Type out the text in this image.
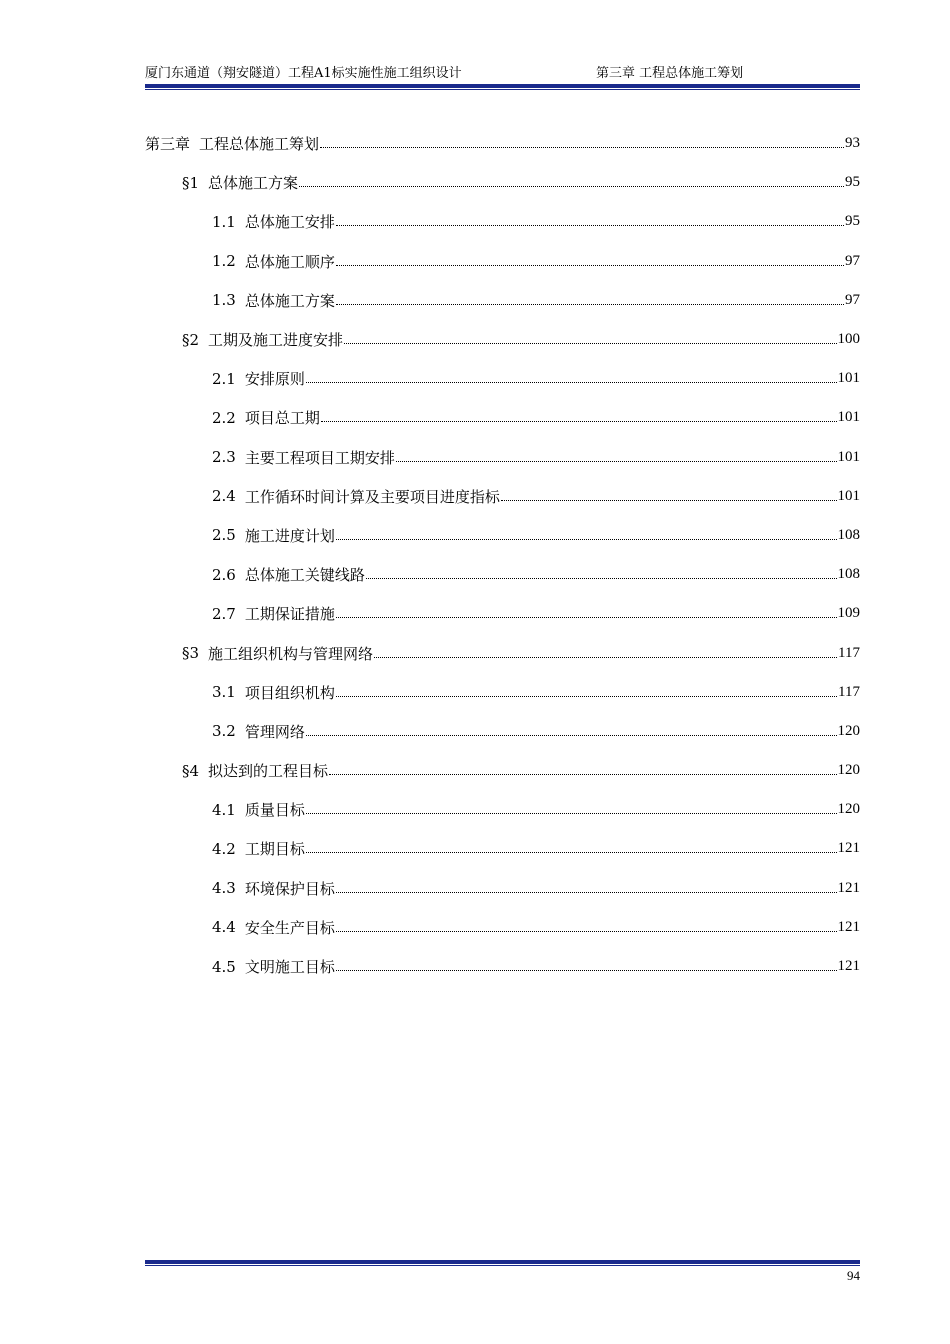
厦门东通道（翔安隧道）工程A1标实施性施工组织设计	第三章 工程总体施工筹划
第三章 工程总体施工筹划	93
§1 总体施工方案	95
1.1 总体施工安排	95
1.2 总体施工顺序	97
1.3 总体施工方案	97
§2 工期及施工进度安排	100
2.1 安排原则	101
2.2 项目总工期	101
2.3 主要工程项目工期安排	101
2.4 工作循环时间计算及主要项目进度指标	101
2.5 施工进度计划	108
2.6 总体施工关键线路	108
2.7 工期保证措施	109
§3 施工组织机构与管理网络	117
3.1 项目组织机构	117
3.2 管理网络	120
§4 拟达到的工程目标	120
4.1 质量目标	120
4.2 工期目标	121
4.3 环境保护目标	121
4.4 安全生产目标	121
4.5 文明施工目标	121
94
